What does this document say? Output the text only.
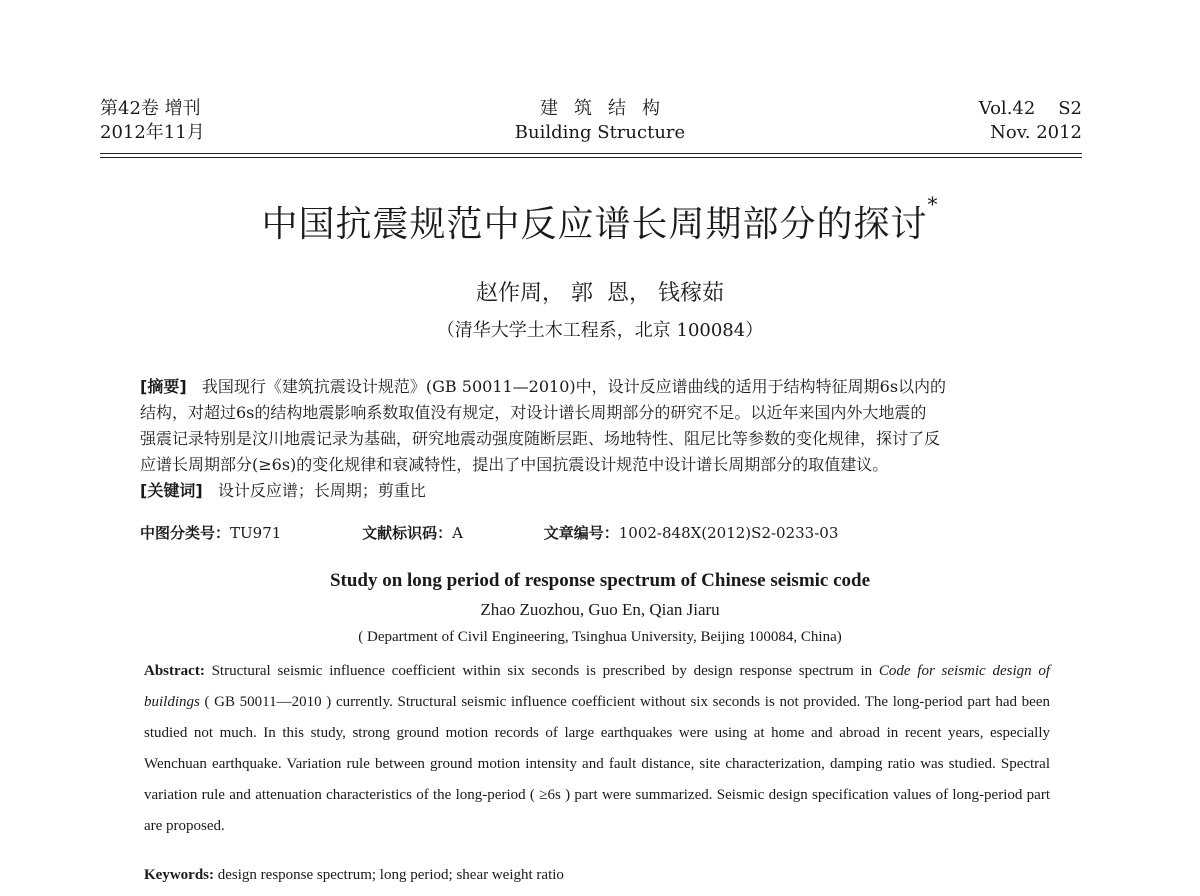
第42卷 增刊
2012年11月
建筑结构
Building Structure
Vol.42    S2
Nov. 2012
中国抗震规范中反应谱长周期部分的探讨*
赵作周， 郭  恩， 钱稼茹
（清华大学土木工程系，北京 100084）

[摘要] 我国现行《建筑抗震设计规范》(GB 50011—2010)中，设计反应谱曲线的适用于结构特征周期6s以内的

结构，对超过6s的结构地震影响系数取值没有规定，对设计谱长周期部分的研究不足。以近年来国内外大地震的

强震记录特别是汶川地震记录为基础，研究地震动强度随断层距、场地特性、阻尼比等参数的变化规律，探讨了反

应谱长周期部分(≥6s)的变化规律和衰减特性，提出了中国抗震设计规范中设计谱长周期部分的取值建议。

[关键词] 设计反应谱；长周期；剪重比

中图分类号：TU971	文献标识码：A	文章编号：1002-848X(2012)S2-0233-03
Study on long period of response spectrum of Chinese seismic code
Zhao Zuozhou, Guo En, Qian Jiaru
( Department of Civil Engineering, Tsinghua University, Beijing 100084, China)
Abstract: Structural seismic influence coefficient within six seconds is prescribed by design response spectrum in Code for seismic design of buildings ( GB 50011—2010 ) currently. Structural seismic influence coefficient without six seconds is not provided. The long-period part had been studied not much. In this study, strong ground motion records of large earthquakes were using at home and abroad in recent years, especially Wenchuan earthquake. Variation rule between ground motion intensity and fault distance, site characterization, damping ratio was studied. Spectral variation rule and attenuation characteristics of the long-period ( ≥6s ) part were summarized. Seismic design specification values of long-period part are proposed.
Keywords: design response spectrum; long period; shear weight ratio
